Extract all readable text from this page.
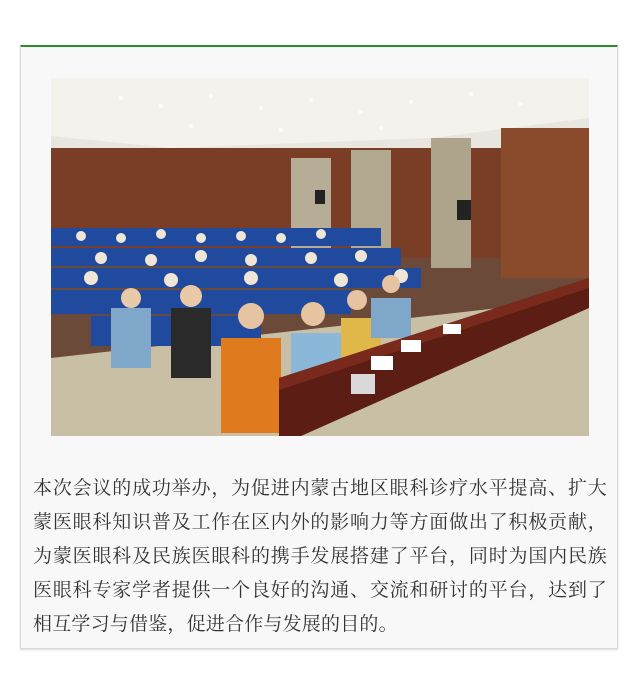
本次会议的成功举办，为促进内蒙古地区眼科诊疗水平提高、扩大蒙医眼科知识普及工作在区内外的影响力等方面做出了积极贡献，为蒙医眼科及民族医眼科的携手发展搭建了平台，同时为国内民族医眼科专家学者提供一个良好的沟通、交流和研讨的平台，达到了相互学习与借鉴，促进合作与发展的目的。
